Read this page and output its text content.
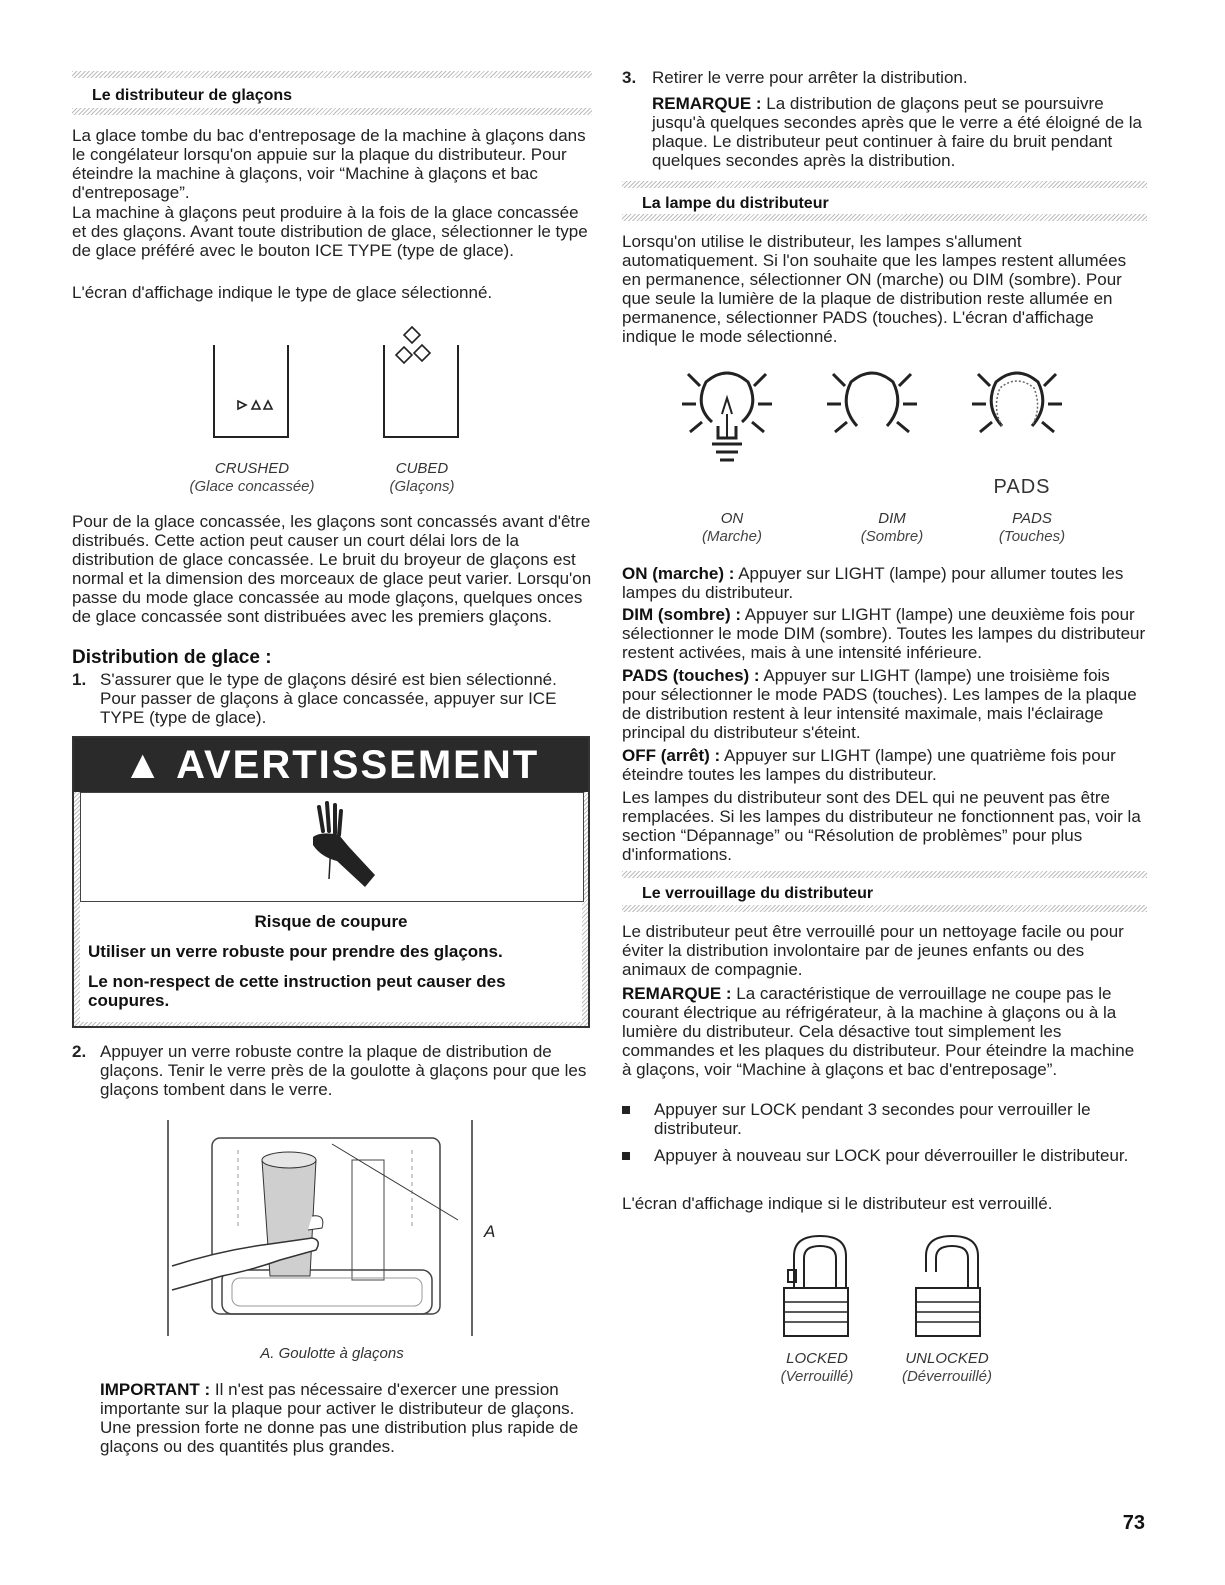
Le distributeur de glaçons

La glace tombe du bac d'entreposage de la machine à glaçons dans le congélateur lorsqu'on appuie sur la plaque du distributeur. Pour éteindre la machine à glaçons, voir “Machine à glaçons et bac d'entreposage”.

La machine à glaçons peut produire à la fois de la glace concassée et des glaçons. Avant toute distribution de glace, sélectionner le type de glace préféré avec le bouton ICE TYPE (type de glace).

L'écran d'affichage indique le type de glace sélectionné.

CRUSHED
(Glace concassée)
CUBED
(Glaçons)

Pour de la glace concassée, les glaçons sont concassés avant d'être distribués. Cette action peut causer un court délai lors de la distribution de glace concassée. Le bruit du broyeur de glaçons est normal et la dimension des morceaux de glace peut varier. Lorsqu'on passe du mode glace concassée au mode glaçons, quelques onces de glace concassée sont distribuées avec les premiers glaçons.

Distribution de glace :
1. S'assurer que le type de glaçons désiré est bien sélectionné. Pour passer de glaçons à glace concassée, appuyer sur ICE TYPE (type de glace).

▲ AVERTISSEMENT
Risque de coupure
Utiliser un verre robuste pour prendre des glaçons.
Le non-respect de cette instruction peut causer des coupures.
2. Appuyer un verre robuste contre la plaque de distribution de glaçons. Tenir le verre près de la goulotte à glaçons pour que les glaçons tombent dans le verre.

A
A. Goulotte à glaçons

IMPORTANT : Il n'est pas nécessaire d'exercer une pression importante sur la plaque pour activer le distributeur de glaçons. Une pression forte ne donne pas une distribution plus rapide de glaçons ou des quantités plus grandes.

3. Retirer le verre pour arrêter la distribution.

REMARQUE : La distribution de glaçons peut se poursuivre jusqu'à quelques secondes après que le verre a été éloigné de la plaque. Le distributeur peut continuer à faire du bruit pendant quelques secondes après la distribution.

La lampe du distributeur

Lorsqu'on utilise le distributeur, les lampes s'allument automatiquement. Si l'on souhaite que les lampes restent allumées en permanence, sélectionner ON (marche) ou DIM (sombre). Pour que seule la lumière de la plaque de distribution reste allumée en permanence, sélectionner PADS (touches). L'écran d'affichage indique le mode sélectionné.

PADS
ON
(Marche)
DIM
(Sombre)
PADS
(Touches)

ON (marche) : Appuyer sur LIGHT (lampe) pour allumer toutes les lampes du distributeur.

DIM (sombre) : Appuyer sur LIGHT (lampe) une deuxième fois pour sélectionner le mode DIM (sombre). Toutes les lampes du distributeur restent activées, mais à une intensité inférieure.

PADS (touches) : Appuyer sur LIGHT (lampe) une troisième fois pour sélectionner le mode PADS (touches). Les lampes de la plaque de distribution restent à leur intensité maximale, mais l'éclairage principal du distributeur s'éteint.

OFF (arrêt) : Appuyer sur LIGHT (lampe) une quatrième fois pour éteindre toutes les lampes du distributeur.

Les lampes du distributeur sont des DEL qui ne peuvent pas être remplacées. Si les lampes du distributeur ne fonctionnent pas, voir la section “Dépannage” ou “Résolution de problèmes” pour plus d'informations.

Le verrouillage du distributeur

Le distributeur peut être verrouillé pour un nettoyage facile ou pour éviter la distribution involontaire par de jeunes enfants ou des animaux de compagnie.

REMARQUE : La caractéristique de verrouillage ne coupe pas le courant électrique au réfrigérateur, à la machine à glaçons ou à la lumière du distributeur. Cela désactive tout simplement les commandes et les plaques du distributeur. Pour éteindre la machine à glaçons, voir “Machine à glaçons et bac d'entreposage”.

Appuyer sur LOCK pendant 3 secondes pour verrouiller le distributeur.

Appuyer à nouveau sur LOCK pour déverrouiller le distributeur.

L'écran d'affichage indique si le distributeur est verrouillé.

LOCKED
(Verrouillé)
UNLOCKED
(Déverrouillé)
73
